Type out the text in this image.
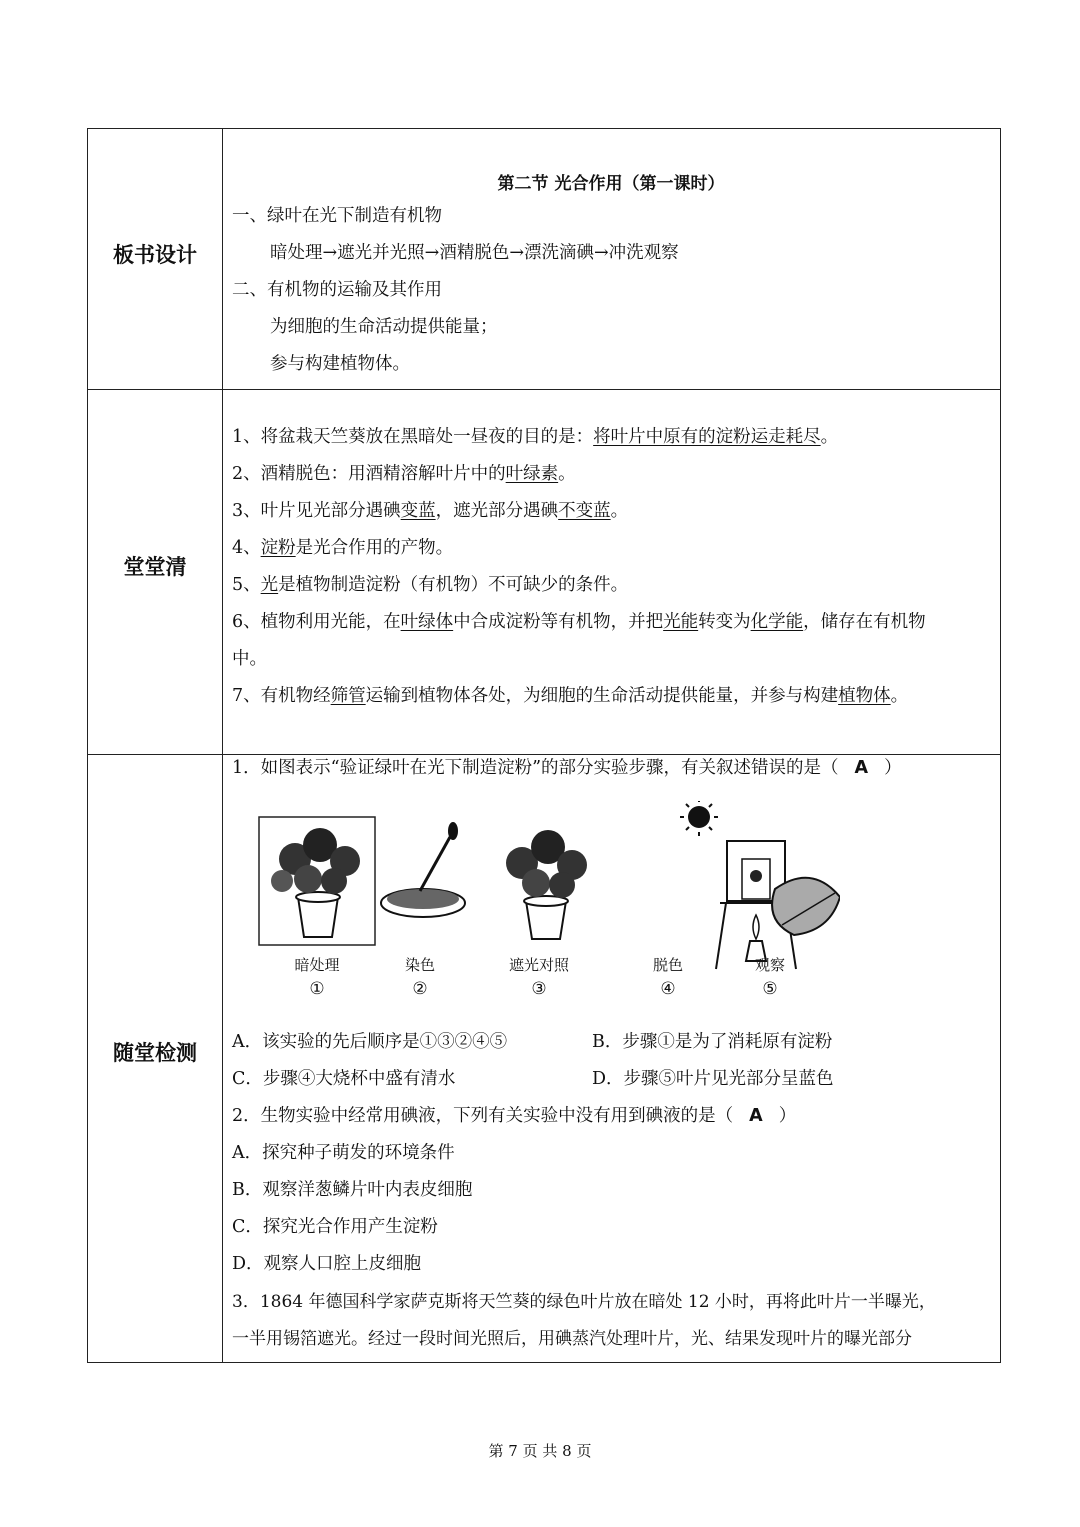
板书设计
第二节 光合作用（第一课时）
一、绿叶在光下制造有机物
暗处理→遮光并光照→酒精脱色→漂洗滴碘→冲洗观察
二、有机物的运输及其作用
为细胞的生命活动提供能量；
参与构建植物体。
堂堂清
1、将盆栽天竺葵放在黑暗处一昼夜的目的是：将叶片中原有的淀粉运走耗尽。
2、酒精脱色：用酒精溶解叶片中的叶绿素。
3、叶片见光部分遇碘变蓝，遮光部分遇碘不变蓝。
4、淀粉是光合作用的产物。
5、光是植物制造淀粉（有机物）不可缺少的条件。
6、植物利用光能，在叶绿体中合成淀粉等有机物，并把光能转变为化学能，储存在有机物
中。
7、有机物经筛管运输到植物体各处，为细胞的生命活动提供能量，并参与构建植物体。
随堂检测
1．如图表示“验证绿叶在光下制造淀粉”的部分实验步骤，有关叙述错误的是（ A ）
暗处理	染色	遮光对照	脱色	观察
①	②	③	④	⑤
A．该实验的先后顺序是①③②④⑤	B．步骤①是为了消耗原有淀粉
C．步骤④大烧杯中盛有清水	D．步骤⑤叶片见光部分呈蓝色
2．生物实验中经常用碘液，下列有关实验中没有用到碘液的是（ A ）
A．探究种子萌发的环境条件
B．观察洋葱鳞片叶内表皮细胞
C．探究光合作用产生淀粉
D．观察人口腔上皮细胞
3．1864 年德国科学家萨克斯将天竺葵的绿色叶片放在暗处 12 小时，再将此叶片一半曝光，
一半用锡箔遮光。经过一段时间光照后，用碘蒸汽处理叶片，光、结果发现叶片的曝光部分
第 7 页 共 8 页
